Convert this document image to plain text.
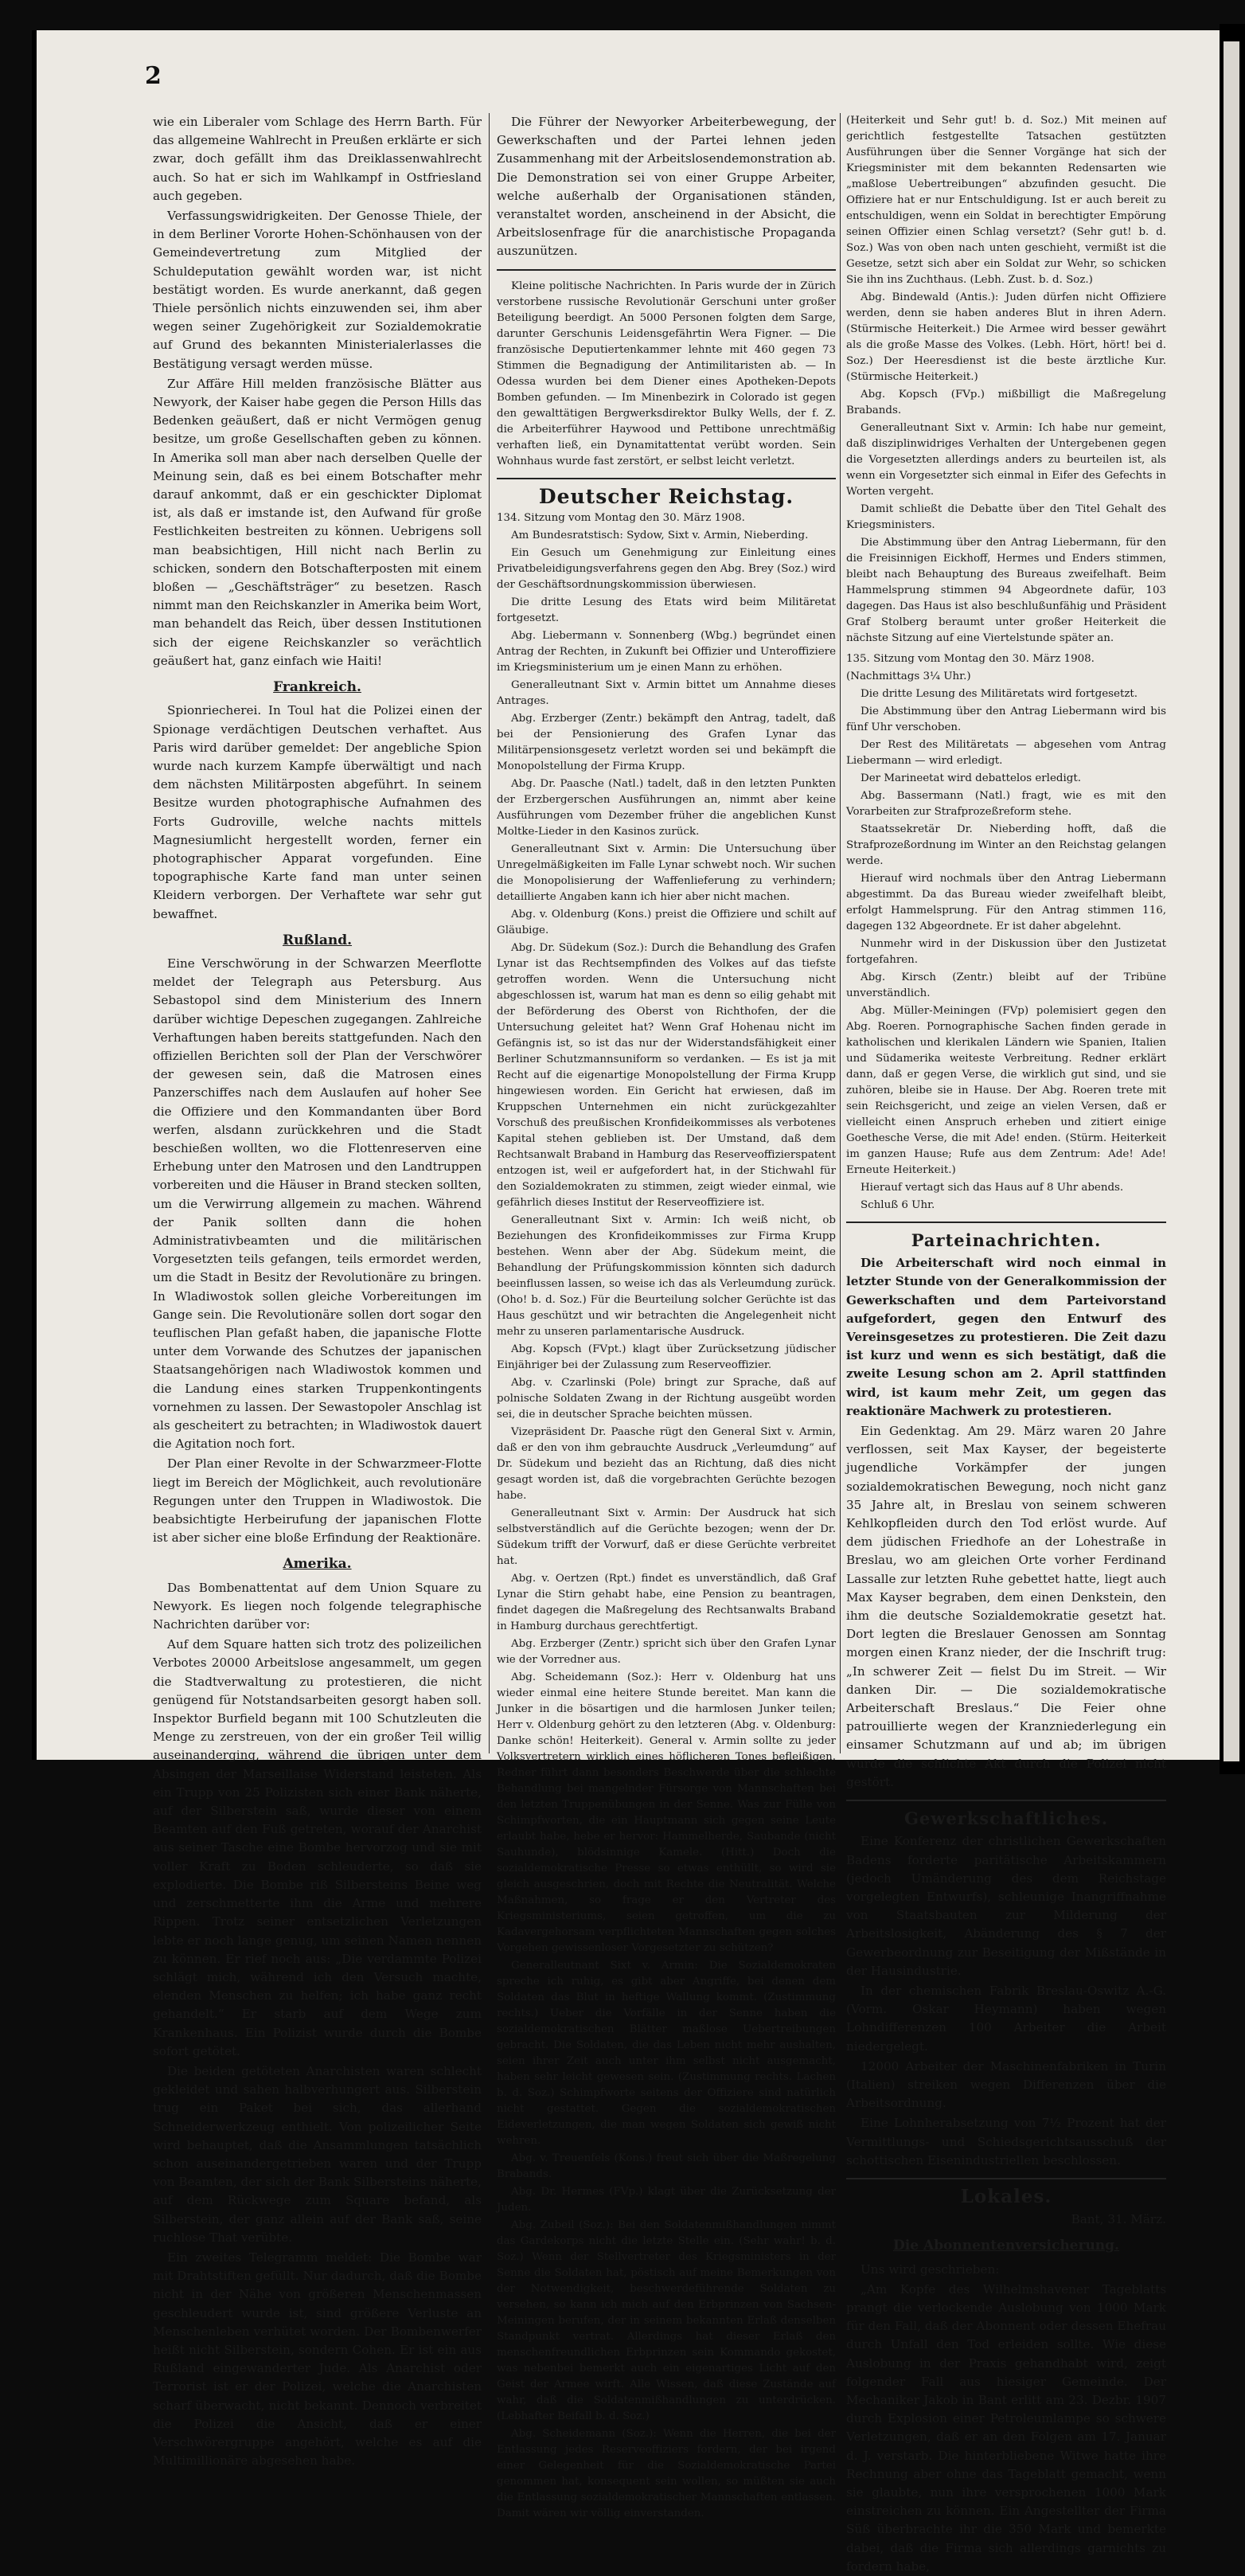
2

wie ein Liberaler vom Schlage des Herrn Barth. Für das allgemeine Wahlrecht in Preußen erklärte er sich zwar, doch gefällt ihm das Dreiklassenwahlrecht auch. So hat er sich im Wahlkampf in Ostfriesland auch gegeben.

Verfassungswidrigkeiten. Der Genosse Thiele, der in dem Berliner Vororte Hohen-Schönhausen von der Gemeindevertretung zum Mitglied der Schuldeputation gewählt worden war, ist nicht bestätigt worden. Es wurde anerkannt, daß gegen Thiele persönlich nichts einzuwenden sei, ihm aber wegen seiner Zugehörigkeit zur Sozialdemokratie auf Grund des bekannten Ministerialerlasses die Bestätigung versagt werden müsse.

Zur Affäre Hill melden französische Blätter aus Newyork, der Kaiser habe gegen die Person Hills das Bedenken geäußert, daß er nicht Vermögen genug besitze, um große Gesellschaften geben zu können. In Amerika soll man aber nach derselben Quelle der Meinung sein, daß es bei einem Botschafter mehr darauf ankommt, daß er ein geschickter Diplomat ist, als daß er imstande ist, den Aufwand für große Festlichkeiten bestreiten zu können. Uebrigens soll man beabsichtigen, Hill nicht nach Berlin zu schicken, sondern den Botschafterposten mit einem bloßen — „Geschäftsträger“ zu besetzen. Rasch nimmt man den Reichskanzler in Amerika beim Wort, man behandelt das Reich, über dessen Institutionen sich der eigene Reichskanzler so verächtlich geäußert hat, ganz einfach wie Haiti!

Frankreich.

Spionriecherei. In Toul hat die Polizei einen der Spionage verdächtigen Deutschen verhaftet. Aus Paris wird darüber gemeldet: Der angebliche Spion wurde nach kurzem Kampfe überwältigt und nach dem nächsten Militärposten abgeführt. In seinem Besitze wurden photographische Aufnahmen des Forts Gudroville, welche nachts mittels Magnesiumlicht hergestellt worden, ferner ein photographischer Apparat vorgefunden. Eine topographische Karte fand man unter seinen Kleidern verborgen. Der Verhaftete war sehr gut bewaffnet.

Rußland.

Eine Verschwörung in der Schwarzen Meerflotte meldet der Telegraph aus Petersburg. Aus Sebastopol sind dem Ministerium des Innern darüber wichtige Depeschen zugegangen. Zahlreiche Verhaftungen haben bereits stattgefunden. Nach den offiziellen Berichten soll der Plan der Verschwörer der gewesen sein, daß die Matrosen eines Panzerschiffes nach dem Auslaufen auf hoher See die Offiziere und den Kommandanten über Bord werfen, alsdann zurückkehren und die Stadt beschießen wollten, wo die Flottenreserven eine Erhebung unter den Matrosen und den Landtruppen vorbereiten und die Häuser in Brand stecken sollten, um die Verwirrung allgemein zu machen. Während der Panik sollten dann die hohen Administrativbeamten und die militärischen Vorgesetzten teils gefangen, teils ermordet werden, um die Stadt in Besitz der Revolutionäre zu bringen. In Wladiwostok sollen gleiche Vorbereitungen im Gange sein. Die Revolutionäre sollen dort sogar den teuflischen Plan gefaßt haben, die japanische Flotte unter dem Vorwande des Schutzes der japanischen Staatsangehörigen nach Wladiwostok kommen und die Landung eines starken Truppenkontingents vornehmen zu lassen. Der Sewastopoler Anschlag ist als gescheitert zu betrachten; in Wladiwostok dauert die Agitation noch fort.

Der Plan einer Revolte in der Schwarzmeer-Flotte liegt im Bereich der Möglichkeit, auch revolutionäre Regungen unter den Truppen in Wladiwostok. Die beabsichtigte Herbeirufung der japanischen Flotte ist aber sicher eine bloße Erfindung der Reaktionäre.

Amerika.

Das Bombenattentat auf dem Union Square zu Newyork. Es liegen noch folgende telegraphische Nachrichten darüber vor:

Auf dem Square hatten sich trotz des polizeilichen Verbotes 20000 Arbeitslose angesammelt, um gegen die Stadtverwaltung zu protestieren, die nicht genügend für Notstandsarbeiten gesorgt haben soll. Inspektor Burfield begann mit 100 Schutzleuten die Menge zu zerstreuen, von der ein großer Teil willig auseinanderging, während die übrigen unter dem Absingen der Marseillaise Widerstand leisteten. Als ein Trupp von 25 Polizisten sich einer Bank näherte, auf der Silberstein saß, wurde dieser von einem Beamten auf den Fuß getreten, worauf der Anarchist aus seiner Tasche eine Bombe hervorzog und sie mit voller Kraft zu Boden schleuderte, so daß sie explodierte. Die Bombe riß Silbersteins Beine weg und zerschmetterte ihm die Arme und mehrere Rippen. Trotz seiner entsetzlichen Verletzungen lebte er noch lange genug, um seinen Namen nennen zu können. Er rief noch aus: „Die verdammte Polizei schlägt mich, während ich den Versuch machte, elenden Menschen zu helfen; ich habe ganz recht gehandelt.“ Er starb auf dem Wege zum Krankenhaus. Ein Polizist wurde durch die Bombe sofort getötet.

Die beiden getöteten Anarchisten waren schlecht gekleidet und sahen halbverhungert aus. Silberstein trug ein Paket bei sich, das allerhand Schneiderwerkzeug enthielt. Von polizeilicher Seite wird behauptet, daß die Ansammlungen tatsächlich schon auseinandergetrieben waren und der Trupp von Beamten, der sich der Bank Silbersteins näherte, auf dem Rückwege zum Square befand, als Silberstein, der ganz allein auf der Bank saß, seine ruchlose That verübte.

Ein zweites Telegramm meldet: Die Bombe war mit Drahtstiften gefüllt. Nur dadurch, daß die Bombe nicht in der Nähe von größeren Menschenmassen geschleudert wurde ist, sind größere Verluste an Menschenleben verhütet worden. Der Bombenwerfer heißt nicht Silberstein, sondern Cohen. Er ist ein aus Rußland eingewanderter Jude. Als Anarchist oder Terrorist ist er der Polizei, welche die Anarchisten scharf überwacht, nicht bekannt. Dennoch verbreitet die Polizei die Ansicht, daß er einer Verschwörergruppe angehört, welche es auf die Multimillionäre abgesehen habe.

Die Führer der Newyorker Arbeiterbewegung, der Gewerkschaften und der Partei lehnen jeden Zusammenhang mit der Arbeitslosendemonstration ab. Die Demonstration sei von einer Gruppe Arbeiter, welche außerhalb der Organisationen ständen, veranstaltet worden, anscheinend in der Absicht, die Arbeitslosenfrage für die anarchistische Propaganda auszunützen.

Kleine politische Nachrichten. In Paris wurde der in Zürich verstorbene russische Revolutionär Gerschuni unter großer Beteiligung beerdigt. An 5000 Personen folgten dem Sarge, darunter Gerschunis Leidensgefährtin Wera Figner. — Die französische Deputiertenkammer lehnte mit 460 gegen 73 Stimmen die Begnadigung der Antimilitaristen ab. — In Odessa wurden bei dem Diener eines Apotheken-Depots Bomben gefunden. — Im Minenbezirk in Colorado ist gegen den gewalttätigen Bergwerksdirektor Bulky Wells, der f. Z. die Arbeiterführer Haywood und Pettibone unrechtmäßig verhaften ließ, ein Dynamitattentat verübt worden. Sein Wohnhaus wurde fast zerstört, er selbst leicht verletzt.

Deutscher Reichstag.

134. Sitzung vom Montag den 30. März 1908.

Am Bundesratstisch: Sydow, Sixt v. Armin, Nieberding.

Ein Gesuch um Genehmigung zur Einleitung eines Privatbeleidigungsverfahrens gegen den Abg. Brey (Soz.) wird der Geschäftsordnungskommission überwiesen.

Die dritte Lesung des Etats wird beim Militäretat fortgesetzt.

Abg. Liebermann v. Sonnenberg (Wbg.) begründet einen Antrag der Rechten, in Zukunft bei Offizier und Unteroffiziere im Kriegsministerium um je einen Mann zu erhöhen.

Generalleutnant Sixt v. Armin bittet um Annahme dieses Antrages.

Abg. Erzberger (Zentr.) bekämpft den Antrag, tadelt, daß bei der Pensionierung des Grafen Lynar das Militärpensionsgesetz verletzt worden sei und bekämpft die Monopolstellung der Firma Krupp.

Abg. Dr. Paasche (Natl.) tadelt, daß in den letzten Punkten der Erzbergerschen Ausführungen an, nimmt aber keine Ausführungen vom Dezember früher die angeblichen Kunst Moltke-Lieder in den Kasinos zurück.

Generalleutnant Sixt v. Armin: Die Untersuchung über Unregelmäßigkeiten im Falle Lynar schwebt noch. Wir suchen die Monopolisierung der Waffenlieferung zu verhindern; detaillierte Angaben kann ich hier aber nicht machen.

Abg. v. Oldenburg (Kons.) preist die Offiziere und schilt auf Gläubige.

Abg. Dr. Südekum (Soz.): Durch die Behandlung des Grafen Lynar ist das Rechtsempfinden des Volkes auf das tiefste getroffen worden. Wenn die Untersuchung nicht abgeschlossen ist, warum hat man es denn so eilig gehabt mit der Beförderung des Oberst von Richthofen, der die Untersuchung geleitet hat? Wenn Graf Hohenau nicht im Gefängnis ist, so ist das nur der Widerstandsfähigkeit einer Berliner Schutzmannsuniform so verdanken. — Es ist ja mit Recht auf die eigenartige Monopolstellung der Firma Krupp hingewiesen worden. Ein Gericht hat erwiesen, daß im Kruppschen Unternehmen ein nicht zurückgezahlter Vorschuß des preußischen Kronfideikommisses als verbotenes Kapital stehen geblieben ist. Der Umstand, daß dem Rechtsanwalt Braband in Hamburg das Reserveoffizierspatent entzogen ist, weil er aufgefordert hat, in der Stichwahl für den Sozialdemokraten zu stimmen, zeigt wieder einmal, wie gefährlich dieses Institut der Reserveoffiziere ist.

Generalleutnant Sixt v. Armin: Ich weiß nicht, ob Beziehungen des Kronfideikommisses zur Firma Krupp bestehen. Wenn aber der Abg. Südekum meint, die Behandlung der Prüfungskommission könnten sich dadurch beeinflussen lassen, so weise ich das als Verleumdung zurück. (Oho! b. d. Soz.) Für die Beurteilung solcher Gerüchte ist das Haus geschützt und wir betrachten die Angelegenheit nicht mehr zu unseren parlamentarische Ausdruck.

Abg. Kopsch (FVpt.) klagt über Zurücksetzung jüdischer Einjähriger bei der Zulassung zum Reserveoffizier.

Abg. v. Czarlinski (Pole) bringt zur Sprache, daß auf polnische Soldaten Zwang in der Richtung ausgeübt worden sei, die in deutscher Sprache beichten müssen.

Vizepräsident Dr. Paasche rügt den General Sixt v. Armin, daß er den von ihm gebrauchte Ausdruck „Verleumdung“ auf Dr. Südekum und bezieht das an Richtung, daß dies nicht gesagt worden ist, daß die vorgebrachten Gerüchte bezogen habe.

Generalleutnant Sixt v. Armin: Der Ausdruck hat sich selbstverständlich auf die Gerüchte bezogen; wenn der Dr. Südekum trifft der Vorwurf, daß er diese Gerüchte verbreitet hat.

Abg. v. Oertzen (Rpt.) findet es unverständlich, daß Graf Lynar die Stirn gehabt habe, eine Pension zu beantragen, findet dagegen die Maßregelung des Rechtsanwalts Braband in Hamburg durchaus gerechtfertigt.

Abg. Erzberger (Zentr.) spricht sich über den Grafen Lynar wie der Vorredner aus.

Abg. Scheidemann (Soz.): Herr v. Oldenburg hat uns wieder einmal eine heitere Stunde bereitet. Man kann die Junker in die bösartigen und die harmlosen Junker teilen; Herr v. Oldenburg gehört zu den letzteren (Abg. v. Oldenburg: Danke schön! Heiterkeit). General v. Armin sollte zu jeder Volksvertretern wirklich eines höflicheren Tones befleißigen. Redner führt dann besonders Beschwerde über die schlechte Behandlung bei mangelnder Fürsorge von Mannschaften bei den letzten Truppenübungen in der Senne. Was zur Fülle von Schimpfworten, die ein Hauptmann sich gegen seine Leute erlaubt habe, hebe er hervor: Hammelherde, Saubande (nicht Sauhunde), blödsinnige Kamele. (Hitt.) Doch die sozialdemokratische Presse so etwas enthüllt, so wird sie gleich ausgeschrien, doch mit Rechte die Neutralität. Welche Maßnahmen, so frage er den Vertreter des Kriegsministeriums, seien getroffen, um die zu Kadavergehorsam verpflichteten Mannschaften gegen solches Vorgehen gewissenloser Vorgesetzter zu schützen?

Generalleutnant Sixt v. Armin: Die Sozialdemokraten spreche ich ruhig, es gibt aber Angriffe, bei denen dem Soldaten das Blut in heftige Wallung kommt. (Zustimmung rechts.) Ueber die Vorfälle in der Senne haben die sozialdemokratischen Blätter maßlose Uebertreibungen gebracht. Die Soldaten, die das Leben nicht mehr aushalten, seien ihrer Zeit auch unter ihm selbst nicht ausgemacht, haben sehr leicht gewesen sein. (Zustimmung rechts. Lachen b. d. Soz.) Schimpfworte seitens der Offiziere sind natürlich nicht gestattet. Gegen die sozialdemokratischen Eideverletzungen, die man wegen Soldaten sich gewiß nicht wehren.

Abg. v. Treuenfels (Kons.) freut sich über die Maßregelung Brabands.

Abg. Dr. Hermes (FVp.) klagt über die Zurücksetzung der Juden.

Abg. Zubeil (Soz.): Bei den Soldatenmißhandlungen nimmt das Gardekorps nicht die letzte Stelle ein. (Sehr wahr! b. d. Soz.) Wenn der Stellvertreter des Kriegsministers in der Senne die Soldaten hat, pöstisch auf meine Bemerkungen von der Notwendigkeit, beschwerdeführende Soldaten zu versehen, so kann ich mich auf den Erbprinzen von Sachsen-Meiningen berufen, der in seinem bekannten Erlaß denselben Standpunkt vertrat. Allerdings hat dieser Erlaß den menschenfreundlichen Erbprinzen sein Kommando gekostet, was nebenbei bemerkt auch ein eigenartiges Licht auf den Geist der Armee wirft. Alle Wissen, daß diese Zustände auf wahr, daß die Soldatenmißhandlungen zu unterdrücken. (Lebhafter Beifall b. d. Soz.)

Abg. Scheidemann (Soz.): Wenn die Herren, die bei der Entlassung jedes Reserveoffiziers fordern, der bei irgend einer Gelegenheit für die Sozialdemokratische Partei genommen hat, konsequent sein wollen, so müßten sie auch die Entlassung sozialdemokratischer Mannschaften entlassen. Damit wären wir völlig einverstanden.

(Heiterkeit und Sehr gut! b. d. Soz.) Mit meinen auf gerichtlich festgestellte Tatsachen gestützten Ausführungen über die Senner Vorgänge hat sich der Kriegsminister mit dem bekannten Redensarten wie „maßlose Uebertreibungen“ abzufinden gesucht. Die Offiziere hat er nur Entschuldigung. Ist er auch bereit zu entschuldigen, wenn ein Soldat in berechtigter Empörung seinen Offizier einen Schlag versetzt? (Sehr gut! b. d. Soz.) Was von oben nach unten geschieht, vermißt ist die Gesetze, setzt sich aber ein Soldat zur Wehr, so schicken Sie ihn ins Zuchthaus. (Lebh. Zust. b. d. Soz.)

Abg. Bindewald (Antis.): Juden dürfen nicht Offiziere werden, denn sie haben anderes Blut in ihren Adern. (Stürmische Heiterkeit.) Die Armee wird besser gewährt als die große Masse des Volkes. (Lebh. Hört, hört! bei d. Soz.) Der Heeresdienst ist die beste ärztliche Kur. (Stürmische Heiterkeit.)

Abg. Kopsch (FVp.) mißbilligt die Maßregelung Brabands.

Generalleutnant Sixt v. Armin: Ich habe nur gemeint, daß disziplinwidriges Verhalten der Untergebenen gegen die Vorgesetzten allerdings anders zu beurteilen ist, als wenn ein Vorgesetzter sich einmal in Eifer des Gefechts in Worten vergeht.

Damit schließt die Debatte über den Titel Gehalt des Kriegsministers.

Die Abstimmung über den Antrag Liebermann, für den die Freisinnigen Eickhoff, Hermes und Enders stimmen, bleibt nach Behauptung des Bureaus zweifelhaft. Beim Hammelsprung stimmen 94 Abgeordnete dafür, 103 dagegen. Das Haus ist also beschlußunfähig und Präsident Graf Stolberg beraumt unter großer Heiterkeit die nächste Sitzung auf eine Viertelstunde später an.

135. Sitzung vom Montag den 30. März 1908.

(Nachmittags 3¼ Uhr.)

Die dritte Lesung des Militäretats wird fortgesetzt.

Die Abstimmung über den Antrag Liebermann wird bis fünf Uhr verschoben.

Der Rest des Militäretats — abgesehen vom Antrag Liebermann — wird erledigt.

Der Marineetat wird debattelos erledigt.

Abg. Bassermann (Natl.) fragt, wie es mit den Vorarbeiten zur Strafprozeßreform stehe.

Staatssekretär Dr. Nieberding hofft, daß die Strafprozeßordnung im Winter an den Reichstag gelangen werde.

Hierauf wird nochmals über den Antrag Liebermann abgestimmt. Da das Bureau wieder zweifelhaft bleibt, erfolgt Hammelsprung. Für den Antrag stimmen 116, dagegen 132 Abgeordnete. Er ist daher abgelehnt.

Nunmehr wird in der Diskussion über den Justizetat fortgefahren.

Abg. Kirsch (Zentr.) bleibt auf der Tribüne unverständlich.

Abg. Müller-Meiningen (FVp) polemisiert gegen den Abg. Roeren. Pornographische Sachen finden gerade in katholischen und klerikalen Ländern wie Spanien, Italien und Südamerika weiteste Verbreitung. Redner erklärt dann, daß er gegen Verse, die wirklich gut sind, und sie zuhören, bleibe sie in Hause. Der Abg. Roeren trete mit sein Reichsgericht, und zeige an vielen Versen, daß er vielleicht einen Anspruch erheben und zitiert einige Goethesche Verse, die mit Ade! enden. (Stürm. Heiterkeit im ganzen Hause; Rufe aus dem Zentrum: Ade! Ade! Erneute Heiterkeit.)

Hierauf vertagt sich das Haus auf 8 Uhr abends.

Schluß 6 Uhr.

Parteinachrichten.

Die Arbeiterschaft wird noch einmal in letzter Stunde von der Generalkommission der Gewerkschaften und dem Parteivorstand aufgefordert, gegen den Entwurf des Vereinsgesetzes zu protestieren. Die Zeit dazu ist kurz und wenn es sich bestätigt, daß die zweite Lesung schon am 2. April stattfinden wird, ist kaum mehr Zeit, um gegen das reaktionäre Machwerk zu protestieren.

Ein Gedenktag. Am 29. März waren 20 Jahre verflossen, seit Max Kayser, der begeisterte jugendliche Vorkämpfer der jungen sozialdemokratischen Bewegung, noch nicht ganz 35 Jahre alt, in Breslau von seinem schweren Kehlkopfleiden durch den Tod erlöst wurde. Auf dem jüdischen Friedhofe an der Lohestraße in Breslau, wo am gleichen Orte vorher Ferdinand Lassalle zur letzten Ruhe gebettet hatte, liegt auch Max Kayser begraben, dem einen Denkstein, den ihm die deutsche Sozialdemokratie gesetzt hat. Dort legten die Breslauer Genossen am Sonntag morgen einen Kranz nieder, der die Inschrift trug: „In schwerer Zeit — fielst Du im Streit. — Wir danken Dir. — Die sozialdemokratische Arbeiterschaft Breslaus.“ Die Feier ohne patrouillierte wegen der Kranzniederlegung ein einsamer Schutzmann auf und ab; im übrigen wurde die schlichte Akt durch die Polizei nicht gestört.

Gewerkschaftliches.

Eine Konferenz der christlichen Gewerkschaften Badens forderte paritätische Arbeitskammern (jedoch Umänderung des dem Reichstage vorgelegten Entwurfs), schleunige Inangriffnahme von Staatsbauten zur Milderung der Arbeitslosigkeit, Abänderung des § 7 der Gewerbeordnung zur Beseitigung der Mißstände in der Hausindustrie.

In der chemischen Fabrik Breslau-Oswitz A.-G. (Vorm. Oskar Heymann) haben wegen Lohndifferenzen 100 Arbeiter die Arbeit niedergelegt.

12000 Arbeiter der Maschinenfabriken in Turin (Italien) streiken wegen Differenzen über die Arbeitsordnung.

Eine Lohnherabsetzung von 7½ Prozent hat der Vermittlungs- und Schiedsgerichtsausschuß der schottischen Eisenindustriellen beschlossen.

Lokales.

Bant, 31. März.

Die Abonnentenversicherung.

Uns wird geschrieben:

„Am Kopfe des Wilhelmshavener Tageblatts prangt die verlockende Auslobung von 1000 Mark für den Fall, daß der Abonnent oder dessen Ehefrau durch Unfall den Tod erleiden sollte. Wie diese Auslobung in der Praxis gehandhabt wird, zeigt folgender Fall aus hiesiger Gemeinde. Der Mechaniker Jakob in Bant erlitt am 23. Dezbr. 1907 durch Explosion einer Petroleumlampe so schwere Verletzungen, daß er an den Folgen am 17. Januar d. J. verstarb. Die hinterbliebene Witwe hatte ihre Rechnung aber ohne das Tageblatt gemacht, wenn sie glaubte, nun ihre versprochenen 1000 Mark einstreichen zu können. Ein Angestellter der Firma Süß überbrachte ihr die 350 Mark und bemerkte dabei, daß die Firma sich allerdings garnichts zu fordern habe,
